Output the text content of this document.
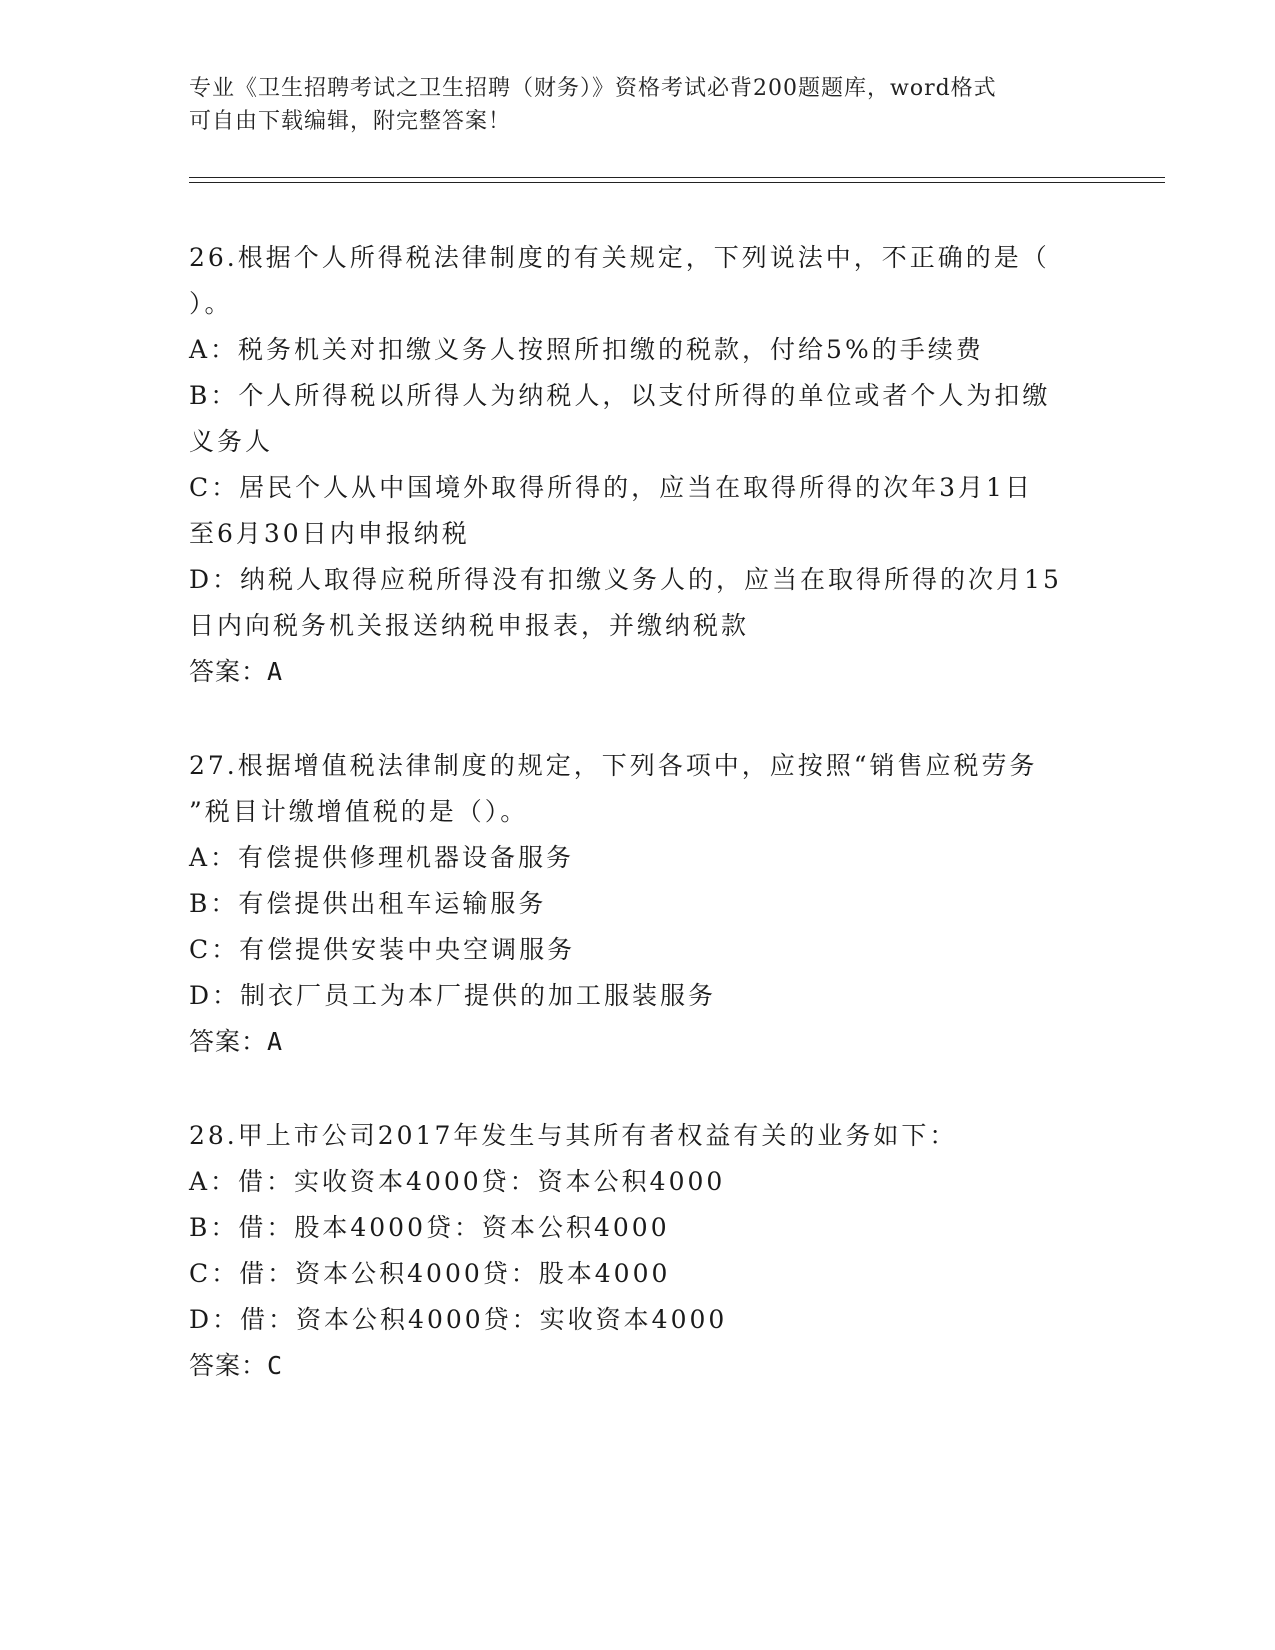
专业《卫生招聘考试之卫生招聘（财务）》资格考试必背200题题库，word格式
可自由下载编辑，附完整答案！
26.根据个人所得税法律制度的有关规定，下列说法中，不正确的是（
）。
A：税务机关对扣缴义务人按照所扣缴的税款，付给5%的手续费
B：个人所得税以所得人为纳税人，以支付所得的单位或者个人为扣缴
义务人
C：居民个人从中国境外取得所得的，应当在取得所得的次年3月1日
至6月30日内申报纳税
D：纳税人取得应税所得没有扣缴义务人的，应当在取得所得的次月15
日内向税务机关报送纳税申报表，并缴纳税款
答案：A
27.根据增值税法律制度的规定，下列各项中，应按照“销售应税劳务
”税目计缴增值税的是（）。
A：有偿提供修理机器设备服务
B：有偿提供出租车运输服务
C：有偿提供安装中央空调服务
D：制衣厂员工为本厂提供的加工服装服务
答案：A
28.甲上市公司2017年发生与其所有者权益有关的业务如下：
A：借：实收资本4000贷：资本公积4000
B：借：股本4000贷：资本公积4000
C：借：资本公积4000贷：股本4000
D：借：资本公积4000贷：实收资本4000
答案：C
